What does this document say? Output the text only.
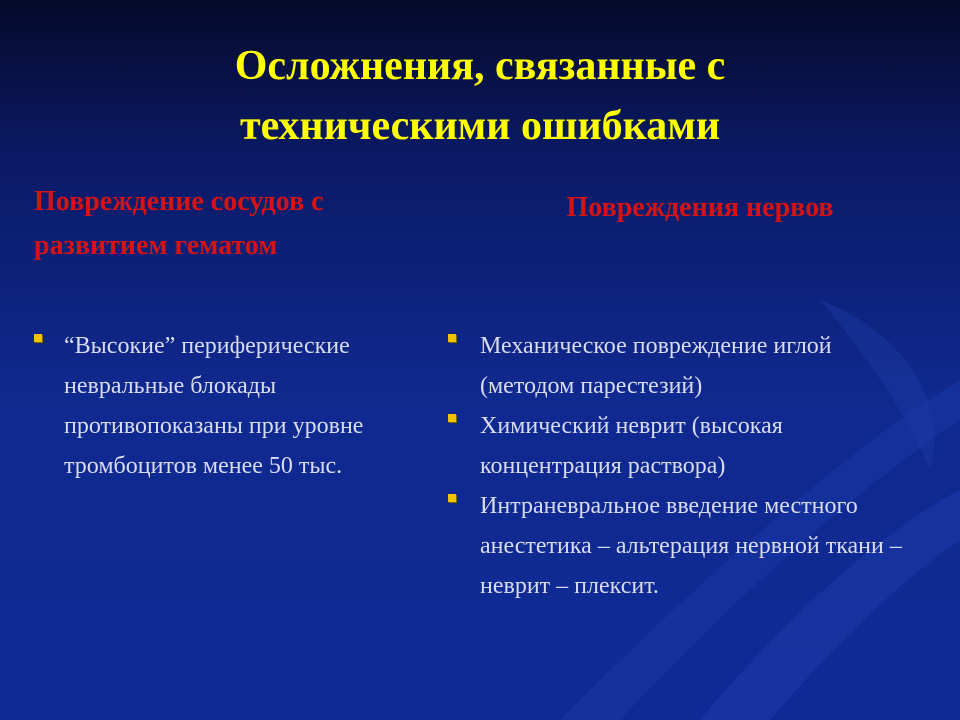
Осложнения, связанные с
техническими ошибками
Повреждение сосудов с развитием гематом
Повреждения нервов
“Высокие” периферические невральные блокады противопоказаны при уровне тромбоцитов менее 50 тыс.
Механическое повреждение иглой (методом парестезий)
Химический неврит (высокая концентрация раствора)
Интраневральное введение местного анестетика – альтерация нервной ткани – неврит – плексит.
